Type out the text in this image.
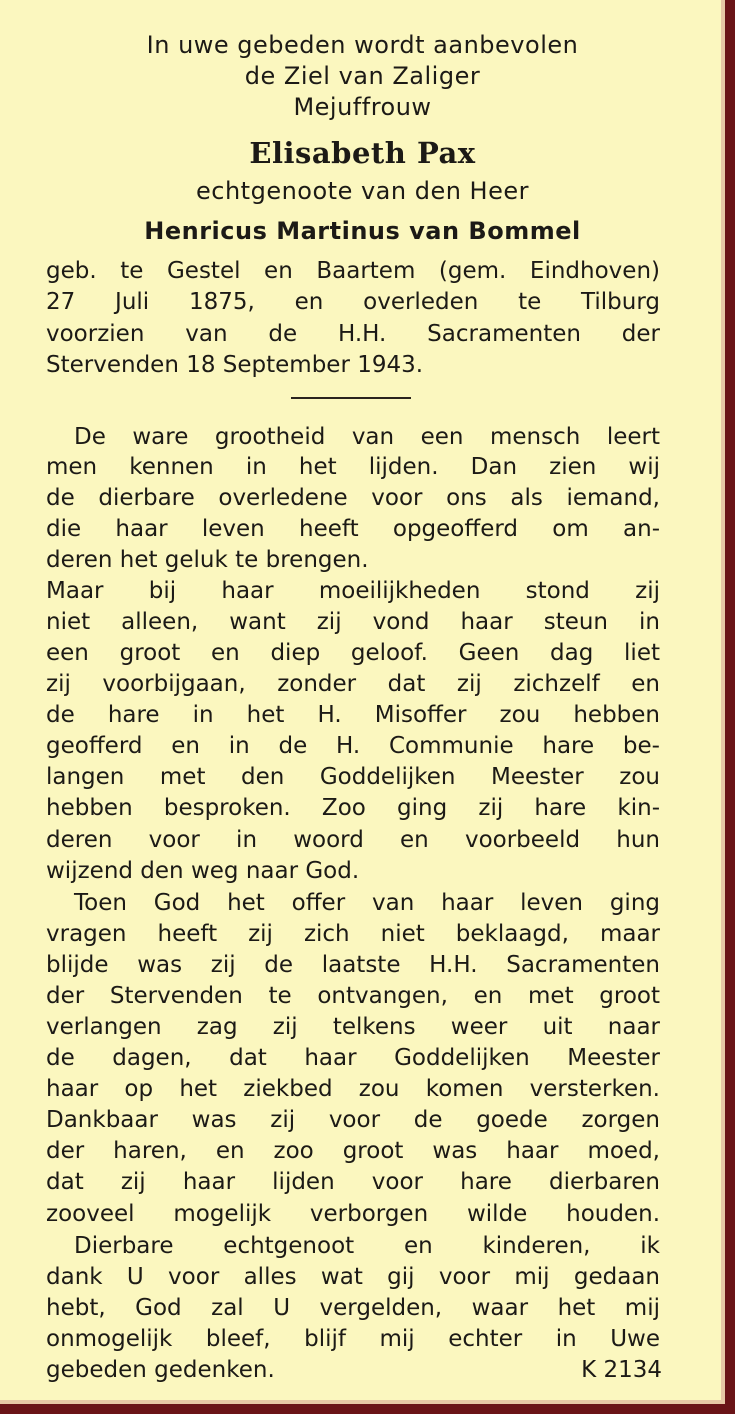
In uwe gebeden wordt aanbevolen
de Ziel van Zaliger
Mejuffrouw
Elisabeth Pax
echtgenoote van den Heer
Henricus Martinus van Bommel
geb. te Gestel en Baartem (gem. Eindhoven)
27 Juli 1875, en overleden te Tilburg
voorzien van de H.H. Sacramenten der
Stervenden 18 September 1943.
De ware grootheid van een mensch leert
men kennen in het lijden. Dan zien wij
de dierbare overledene voor ons als iemand,
die haar leven heeft opgeofferd om an-
deren het geluk te brengen.
Maar bij haar moeilijkheden stond zij
niet alleen, want zij vond haar steun in
een groot en diep geloof. Geen dag liet
zij voorbijgaan, zonder dat zij zichzelf en
de hare in het H. Misoffer zou hebben
geofferd en in de H. Communie hare be-
langen met den Goddelijken Meester zou
hebben besproken. Zoo ging zij hare kin-
deren voor in woord en voorbeeld hun
wijzend den weg naar God.
Toen God het offer van haar leven ging
vragen heeft zij zich niet beklaagd, maar
blijde was zij de laatste H.H. Sacramenten
der Stervenden te ontvangen, en met groot
verlangen zag zij telkens weer uit naar
de dagen, dat haar Goddelijken Meester
haar op het ziekbed zou komen versterken.
Dankbaar was zij voor de goede zorgen
der haren, en zoo groot was haar moed,
dat zij haar lijden voor hare dierbaren
zooveel mogelijk verborgen wilde houden.
Dierbare echtgenoot en kinderen, ik
dank U voor alles wat gij voor mij gedaan
hebt, God zal U vergelden, waar het mij
onmogelijk bleef, blijf mij echter in Uwe
gebeden gedenken.	K 2134
